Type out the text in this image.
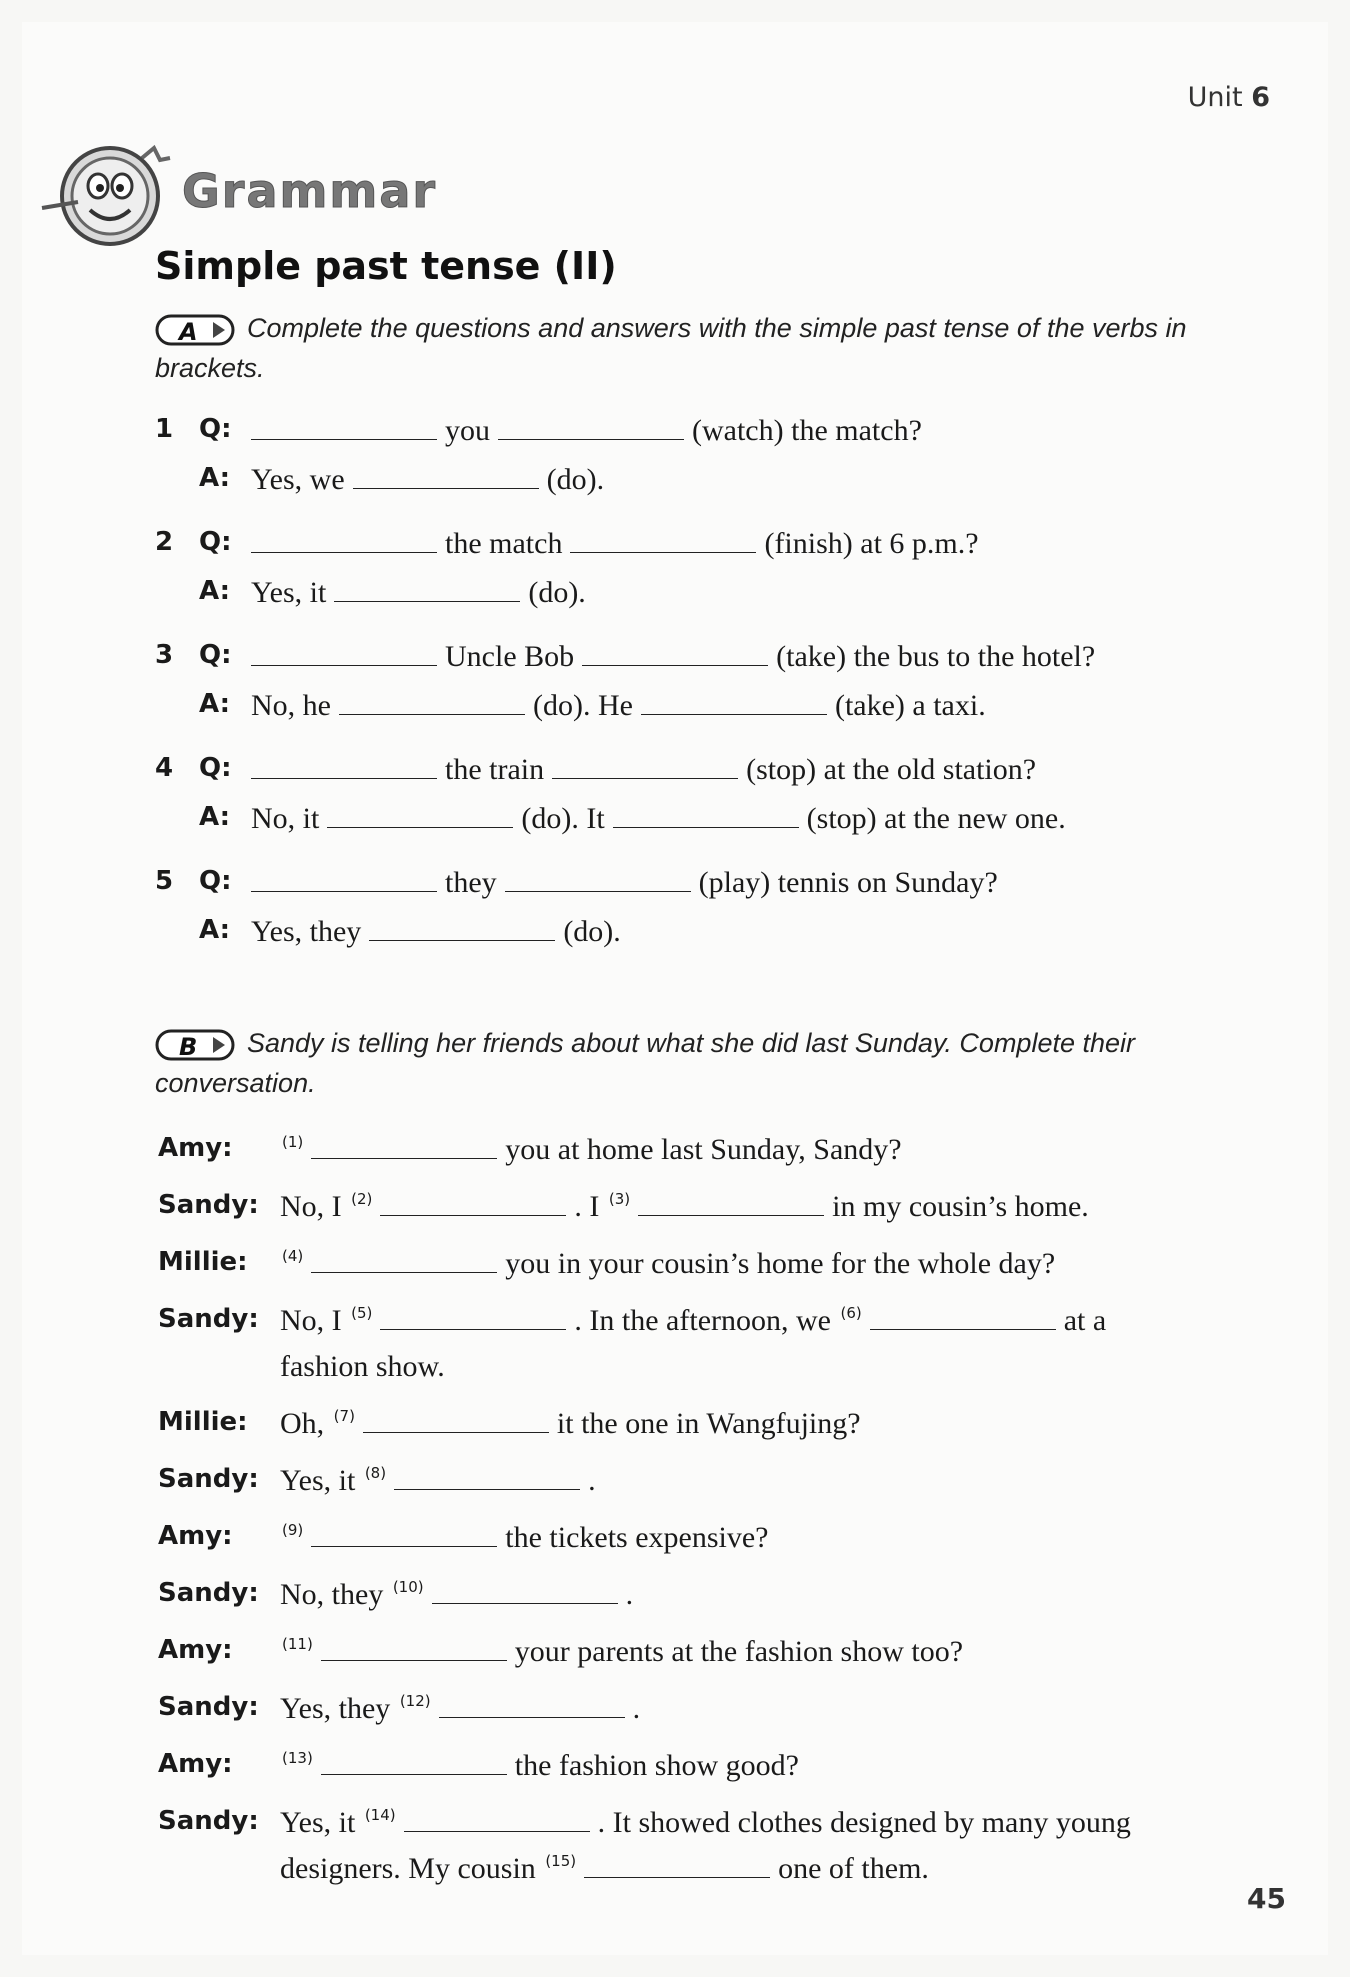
Unit 6
Grammar
Simple past tense (II)
A Complete the questions and answers with the simple past tense of the verbs in brackets.
1 Q:	you	(watch) the match?
A: Yes, we	(do).
2 Q:	the match	(finish) at 6 p.m.?
A: Yes, it	(do).
3 Q:	Uncle Bob	(take) the bus to the hotel?
A: No, he	(do). He	(take) a taxi.
4 Q:	the train	(stop) at the old station?
A: No, it	(do). It	(stop) at the new one.
5 Q:	they	(play) tennis on Sunday?
A: Yes, they	(do).
B Sandy is telling her friends about what she did last Sunday. Complete their conversation.
Amy:	$^{(1)}$	you at home last Sunday, Sandy?
Sandy: No, I $^{(2)}$	. I $^{(3)}$	in my cousin’s home.
Millie: $^{(4)}$	you in your cousin’s home for the whole day?
Sandy: No, I $^{(5)}$	. In the afternoon, we $^{(6)}$	at a
fashion show.
Millie: Oh, $^{(7)}$	it the one in Wangfujing?
Sandy: Yes, it $^{(8)}$	.
Amy:	$^{(9)}$	the tickets expensive?
Sandy: No, they $^{(10)}$	.
Amy:	$^{(11)}$	your parents at the fashion show too?
Sandy: Yes, they $^{(12)}$	.
Amy:	$^{(13)}$	the fashion show good?
Sandy: Yes, it $^{(14)}$	. It showed clothes designed by many young
designers. My cousin $^{(15)}$	one of them.
45
